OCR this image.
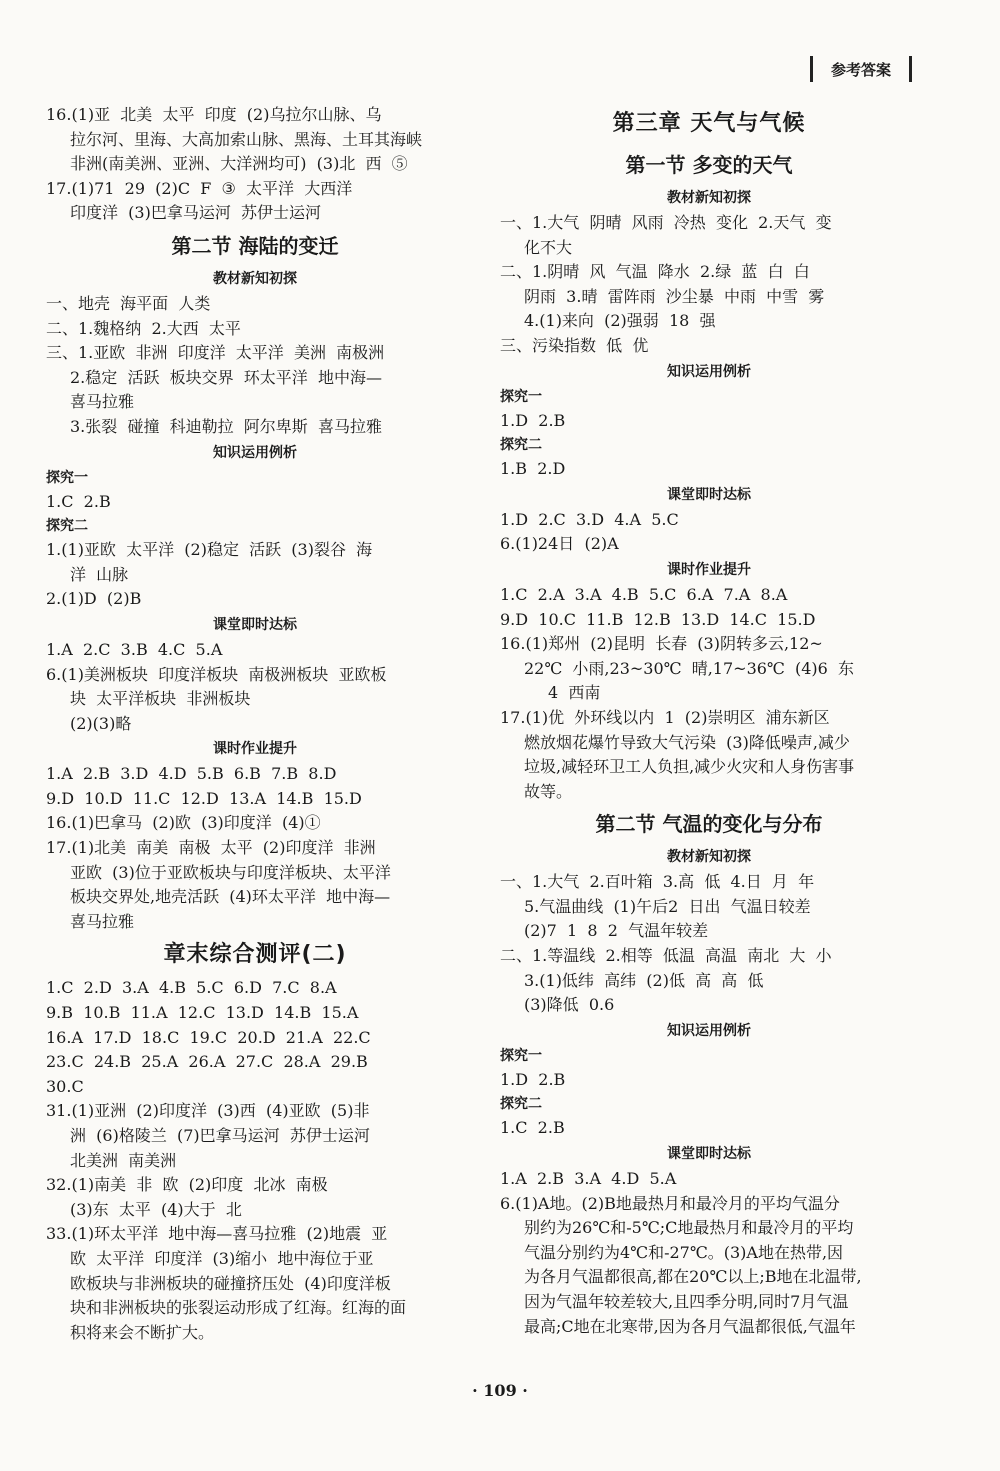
参考答案
16.(1)亚  北美  太平  印度  (2)乌拉尔山脉、乌
拉尔河、里海、大高加索山脉、黑海、土耳其海峡
非洲(南美洲、亚洲、大洋洲均可)  (3)北  西  ⑤
17.(1)71  29  (2)C  F  ③  太平洋  大西洋
印度洋  (3)巴拿马运河  苏伊士运河
第二节 海陆的变迁
教材新知初探
一、地壳  海平面  人类
二、1.魏格纳  2.大西  太平
三、1.亚欧  非洲  印度洋  太平洋  美洲  南极洲
2.稳定  活跃  板块交界  环太平洋  地中海—
喜马拉雅
3.张裂  碰撞  科迪勒拉  阿尔卑斯  喜马拉雅
知识运用例析
探究一
1.C  2.B
探究二
1.(1)亚欧  太平洋  (2)稳定  活跃  (3)裂谷  海
洋  山脉
2.(1)D  (2)B
课堂即时达标
1.A  2.C  3.B  4.C  5.A
6.(1)美洲板块  印度洋板块  南极洲板块  亚欧板
块  太平洋板块  非洲板块
(2)(3)略
课时作业提升
1.A  2.B  3.D  4.D  5.B  6.B  7.B  8.D
9.D  10.D  11.C  12.D  13.A  14.B  15.D
16.(1)巴拿马  (2)欧  (3)印度洋  (4)①
17.(1)北美  南美  南极  太平  (2)印度洋  非洲
亚欧  (3)位于亚欧板块与印度洋板块、太平洋
板块交界处,地壳活跃  (4)环太平洋  地中海—
喜马拉雅
章末综合测评(二)
1.C  2.D  3.A  4.B  5.C  6.D  7.C  8.A
9.B  10.B  11.A  12.C  13.D  14.B  15.A
16.A  17.D  18.C  19.C  20.D  21.A  22.C
23.C  24.B  25.A  26.A  27.C  28.A  29.B
30.C
31.(1)亚洲  (2)印度洋  (3)西  (4)亚欧  (5)非
洲  (6)格陵兰  (7)巴拿马运河  苏伊士运河
北美洲  南美洲
32.(1)南美  非  欧  (2)印度  北冰  南极
(3)东  太平  (4)大于  北
33.(1)环太平洋  地中海—喜马拉雅  (2)地震  亚
欧  太平洋  印度洋  (3)缩小  地中海位于亚
欧板块与非洲板块的碰撞挤压处  (4)印度洋板
块和非洲板块的张裂运动形成了红海。红海的面
积将来会不断扩大。
第三章 天气与气候
第一节 多变的天气
教材新知初探
一、1.大气  阴晴  风雨  冷热  变化  2.天气  变
化不大
二、1.阴晴  风  气温  降水  2.绿  蓝  白  白
阴雨  3.晴  雷阵雨  沙尘暴  中雨  中雪  雾
4.(1)来向  (2)强弱  18  强
三、污染指数  低  优
知识运用例析
探究一
1.D  2.B
探究二
1.B  2.D
课堂即时达标
1.D  2.C  3.D  4.A  5.C
6.(1)24日  (2)A
课时作业提升
1.C  2.A  3.A  4.B  5.C  6.A  7.A  8.A
9.D  10.C  11.B  12.B  13.D  14.C  15.D
16.(1)郑州  (2)昆明  长春  (3)阴转多云,12~
22℃  小雨,23~30℃  晴,17~36℃  (4)6  东
4  西南
17.(1)优  外环线以内  1  (2)崇明区  浦东新区
燃放烟花爆竹导致大气污染  (3)降低噪声,减少
垃圾,减轻环卫工人负担,减少火灾和人身伤害事
故等。
第二节 气温的变化与分布
教材新知初探
一、1.大气  2.百叶箱  3.高  低  4.日  月  年
5.气温曲线  (1)午后2  日出  气温日较差
(2)7  1  8  2  气温年较差
二、1.等温线  2.相等  低温  高温  南北  大  小
3.(1)低纬  高纬  (2)低  高  高  低
(3)降低  0.6
知识运用例析
探究一
1.D  2.B
探究二
1.C  2.B
课堂即时达标
1.A  2.B  3.A  4.D  5.A
6.(1)A地。(2)B地最热月和最冷月的平均气温分
别约为26℃和-5℃;C地最热月和最冷月的平均
气温分别约为4℃和-27℃。(3)A地在热带,因
为各月气温都很高,都在20℃以上;B地在北温带,
因为气温年较差较大,且四季分明,同时7月气温
最高;C地在北寒带,因为各月气温都很低,气温年
· 109 ·
